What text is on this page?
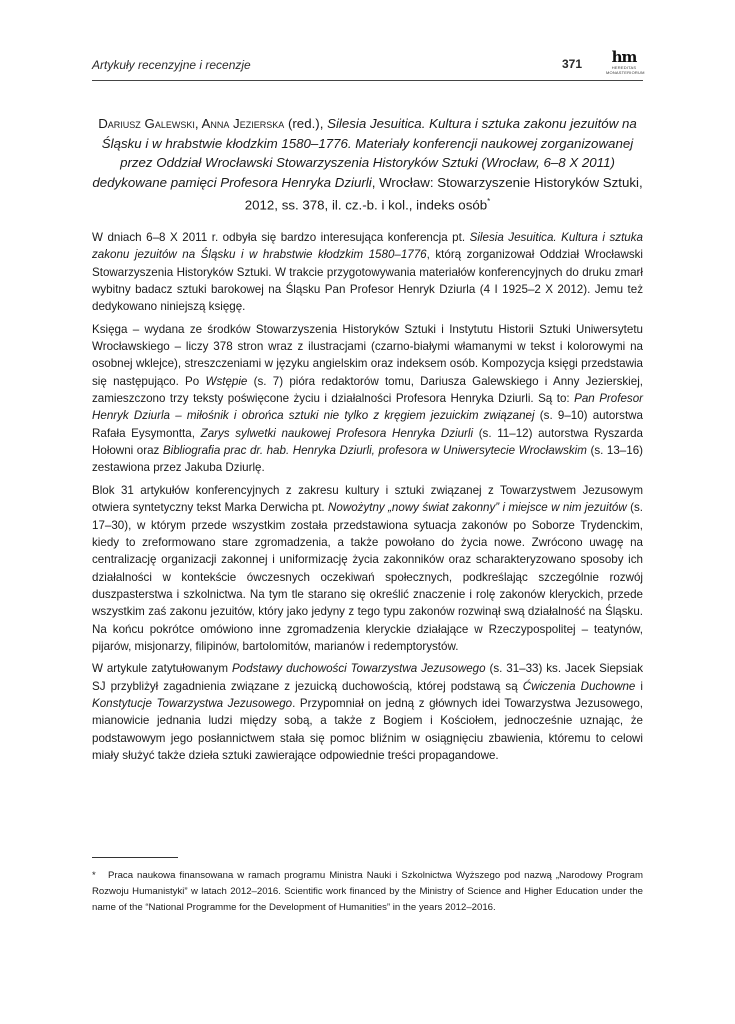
Artykuły recenzyjne i recenzje	371	hm
HEREDITAS MONASTERIORUM
Dariusz Galewski, Anna Jezierska (red.), Silesia Jesuitica. Kultura i sztuka zakonu jezuitów na Śląsku i w hrabstwie kłodzkim 1580–1776. Materiały konferencji naukowej zorganizowanej przez Oddział Wrocławski Stowarzyszenia Historyków Sztuki (Wrocław, 6–8 X 2011) dedykowane pamięci Profesora Henryka Dziurli, Wrocław: Stowarzyszenie Historyków Sztuki, 2012, ss. 378, il. cz.-b. i kol., indeks osób*

W dniach 6–8 X 2011 r. odbyła się bardzo interesująca konferencja pt. Silesia Jesuitica. Kultura i sztuka zakonu jezuitów na Śląsku i w hrabstwie kłodzkim 1580–1776, którą zorganizował Oddział Wrocławski Stowarzyszenia Historyków Sztuki. W trakcie przygotowywania materiałów konferencyjnych do druku zmarł wybitny badacz sztuki barokowej na Śląsku Pan Profesor Henryk Dziurla (4 I 1925–2 X 2012). Jemu też dedykowano niniejszą księgę.

Księga – wydana ze środków Stowarzyszenia Historyków Sztuki i Instytutu Historii Sztuki Uniwersytetu Wrocławskiego – liczy 378 stron wraz z ilustracjami (czarno-białymi włamanymi w tekst i kolorowymi na osobnej wklejce), streszczeniami w języku angielskim oraz indeksem osób. Kompozycja księgi przedstawia się następująco. Po Wstępie (s. 7) pióra redaktorów tomu, Dariusza Galewskiego i Anny Jezierskiej, zamieszczono trzy teksty poświęcone życiu i działalności Profesora Henryka Dziurli. Są to: Pan Profesor Henryk Dziurla – miłośnik i obrońca sztuki nie tylko z kręgiem jezuickim związanej (s. 9–10) autorstwa Rafała Eysymontta, Zarys sylwetki naukowej Profesora Henryka Dziurli (s. 11–12) autorstwa Ryszarda Hołowni oraz Bibliografia prac dr. hab. Henryka Dziurli, profesora w Uniwersytecie Wrocławskim (s. 13–16) zestawiona przez Jakuba Dziurlę.

Blok 31 artykułów konferencyjnych z zakresu kultury i sztuki związanej z Towarzystwem Jezusowym otwiera syntetyczny tekst Marka Derwicha pt. Nowożytny „nowy świat zakonny” i miejsce w nim jezuitów (s. 17–30), w którym przede wszystkim została przedstawiona sytuacja zakonów po Soborze Trydenckim, kiedy to zreformowano stare zgromadzenia, a także powołano do życia nowe. Zwrócono uwagę na centralizację organizacji zakonnej i uniformizację życia zakonników oraz scharakteryzowano sposoby ich działalności w kontekście ówczesnych oczekiwań społecznych, podkreślając szczególnie rozwój duszpasterstwa i szkolnictwa. Na tym tle starano się określić znaczenie i rolę zakonów kleryckich, przede wszystkim zaś zakonu jezuitów, który jako jedyny z tego typu zakonów rozwinął swą działalność na Śląsku. Na końcu pokrótce omówiono inne zgromadzenia kleryckie działające w Rzeczypospolitej – teatynów, pijarów, misjonarzy, filipinów, bartolomitów, marianów i redemptorystów.

W artykule zatytułowanym Podstawy duchowości Towarzystwa Jezusowego (s. 31–33) ks. Jacek Siepsiak SJ przybliżył zagadnienia związane z jezuicką duchowością, której podstawą są Ćwiczenia Duchowne i Konstytucje Towarzystwa Jezusowego. Przypomniał on jedną z głównych idei Towarzystwa Jezusowego, mianowicie jednania ludzi między sobą, a także z Bogiem i Kościołem, jednocześnie uznając, że podstawowym jego posłannictwem stała się pomoc bliźnim w osiągnięciu zbawienia, któremu to celowi miały służyć także dzieła sztuki zawierające odpowiednie treści propagandowe.

* Praca naukowa finansowana w ramach programu Ministra Nauki i Szkolnictwa Wyższego pod nazwą „Narodowy Program Rozwoju Humanistyki” w latach 2012–2016. Scientific work financed by the Ministry of Science and Higher Education under the name of the “National Programme for the Development of Humanities” in the years 2012–2016.
